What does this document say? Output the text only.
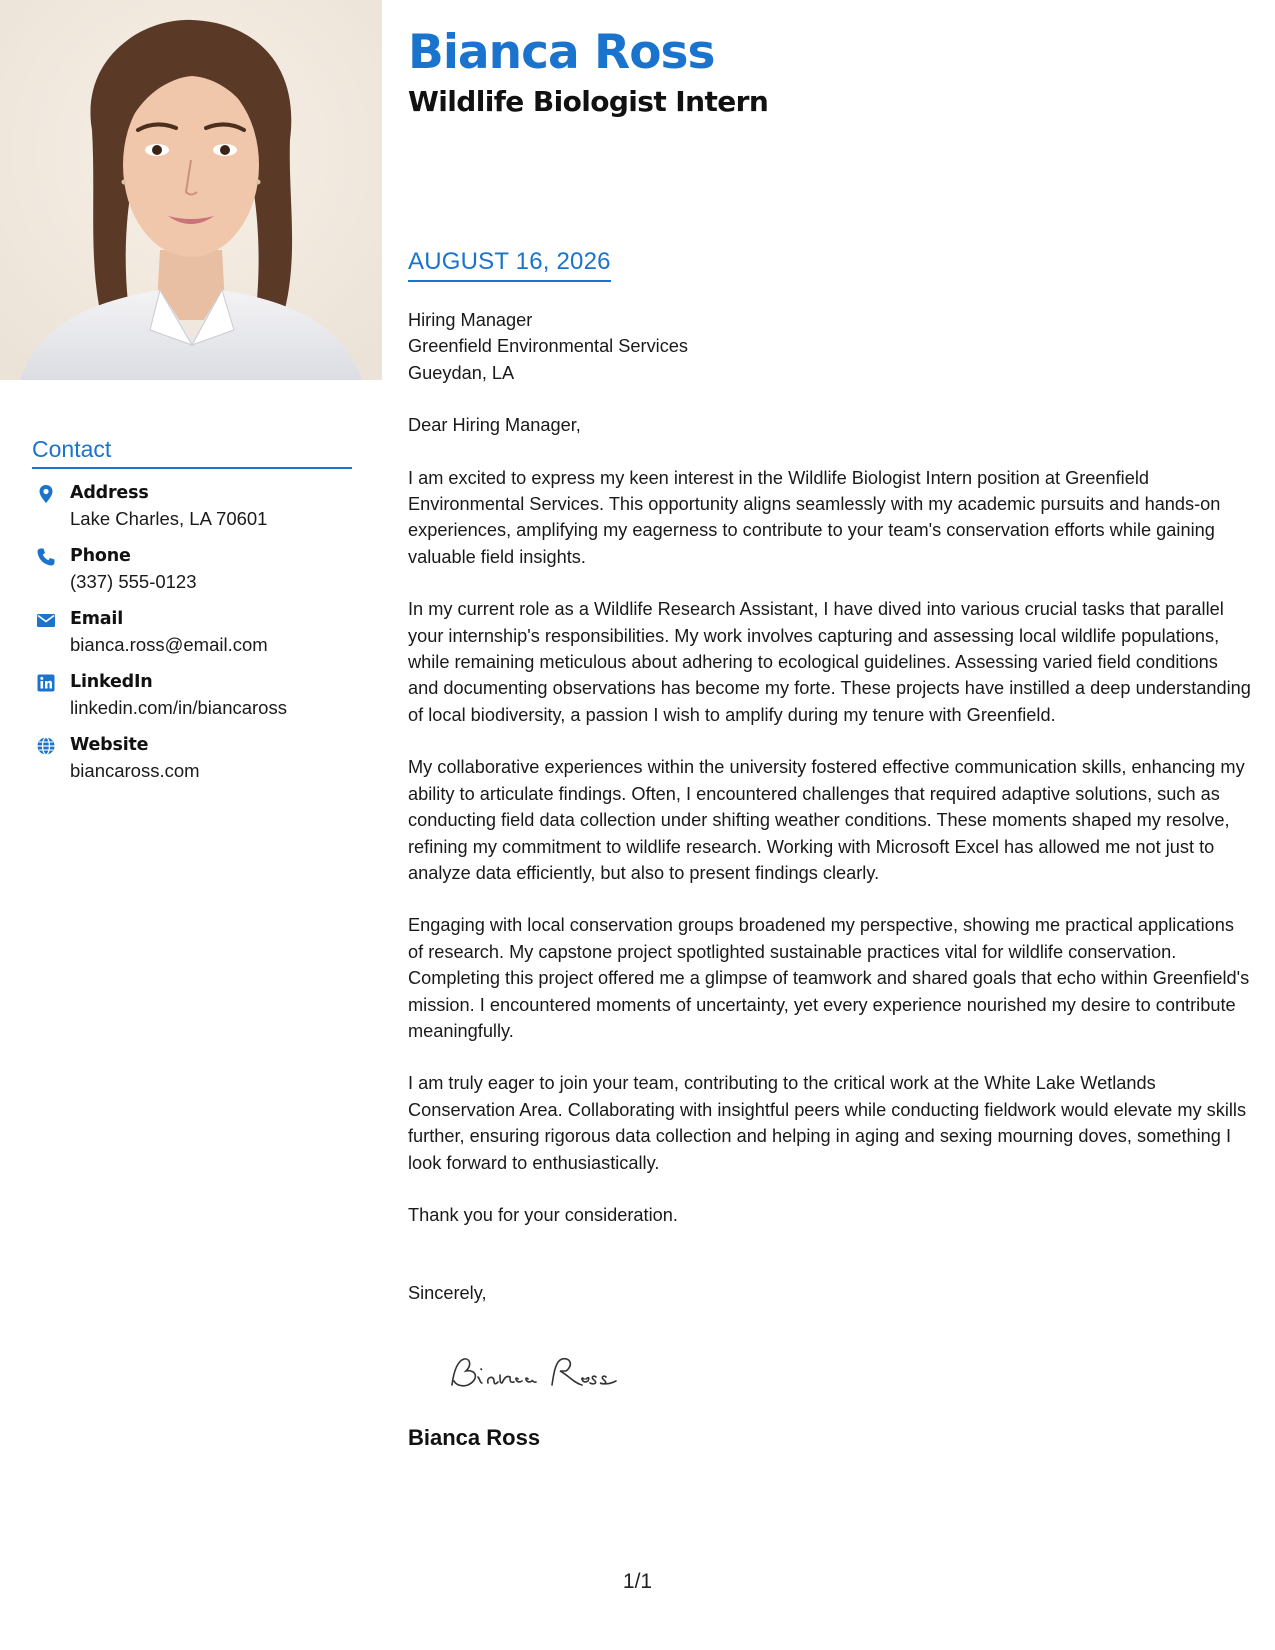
Contact
Address
Lake Charles, LA 70601
Phone
(337) 555-0123
Email
bianca.ross@email.com
LinkedIn
linkedin.com/in/biancaross
Website
biancaross.com
Bianca Ross
Wildlife Biologist Intern
AUGUST 16, 2026
Hiring Manager
Greenfield Environmental Services
Gueydan, LA

Dear Hiring Manager,

I am excited to express my keen interest in the Wildlife Biologist Intern position at Greenfield Environmental Services. This opportunity aligns seamlessly with my academic pursuits and hands-on experiences, amplifying my eagerness to contribute to your team's conservation efforts while gaining valuable field insights.

In my current role as a Wildlife Research Assistant, I have dived into various crucial tasks that parallel your internship's responsibilities. My work involves capturing and assessing local wildlife populations, while remaining meticulous about adhering to ecological guidelines. Assessing varied field conditions and documenting observations has become my forte. These projects have instilled a deep understanding of local biodiversity, a passion I wish to amplify during my tenure with Greenfield.

My collaborative experiences within the university fostered effective communication skills, enhancing my ability to articulate findings. Often, I encountered challenges that required adaptive solutions, such as conducting field data collection under shifting weather conditions. These moments shaped my resolve, refining my commitment to wildlife research. Working with Microsoft Excel has allowed me not just to analyze data efficiently, but also to present findings clearly.

Engaging with local conservation groups broadened my perspective, showing me practical applications of research. My capstone project spotlighted sustainable practices vital for wildlife conservation. Completing this project offered me a glimpse of teamwork and shared goals that echo within Greenfield's mission. I encountered moments of uncertainty, yet every experience nourished my desire to contribute meaningfully.

I am truly eager to join your team, contributing to the critical work at the White Lake Wetlands Conservation Area. Collaborating with insightful peers while conducting fieldwork would elevate my skills further, ensuring rigorous data collection and helping in aging and sexing mourning doves, something I look forward to enthusiastically.

Thank you for your consideration.

Sincerely,

Bianca Ross
1/1
